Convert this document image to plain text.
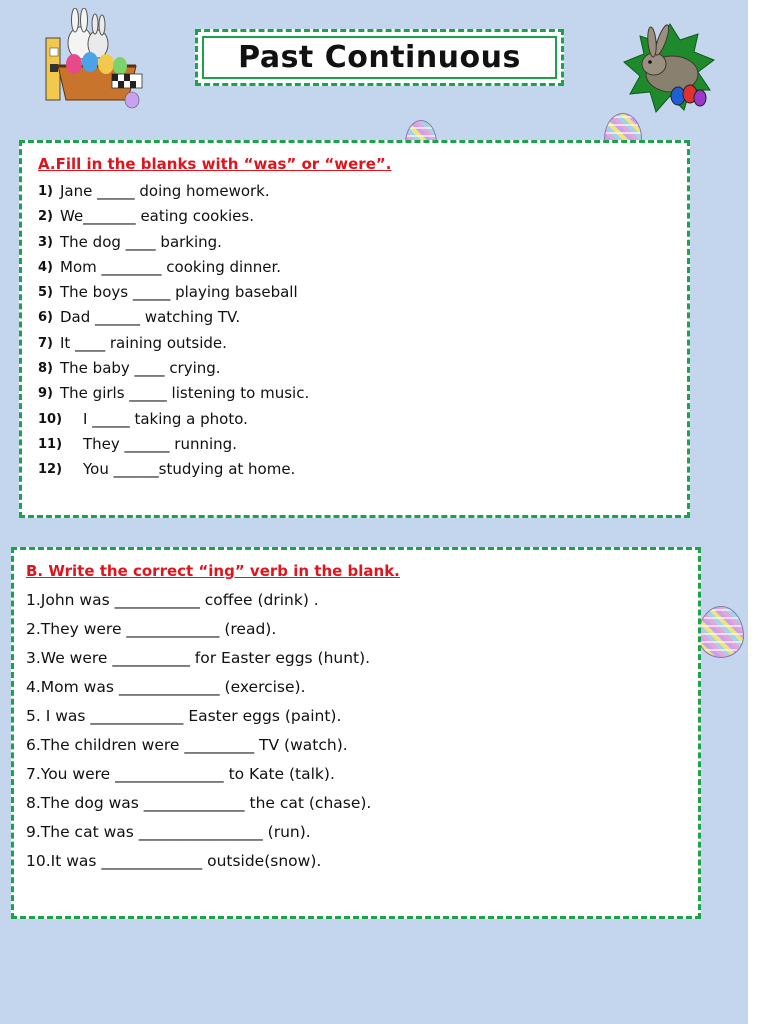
Past Continuous

A.Fill in the blanks with “was” or “were”.

1) Jane _____ doing homework.
2) We_______ eating cookies.
3) The dog ____ barking.
4) Mom ________ cooking dinner.
5) The boys _____ playing baseball
6) Dad ______ watching TV.
7) It ____ raining outside.
8) The baby ____ crying.
9) The girls _____ listening to music.
10)	I _____ taking a photo.
11)	They ______ running.
12)	You ______studying at home.

B. Write the correct “ing” verb in the blank.

1.John was ___________ coffee (drink) .
2.They were ____________ (read).
3.We were __________ for Easter eggs (hunt).
4.Mom was _____________ (exercise).
5. I was ____________ Easter eggs (paint).
6.The children were _________ TV (watch).
7.You were ______________ to Kate (talk).
8.The dog was _____________ the cat (chase).
9.The cat was ________________ (run).
10.It was _____________ outside(snow).
